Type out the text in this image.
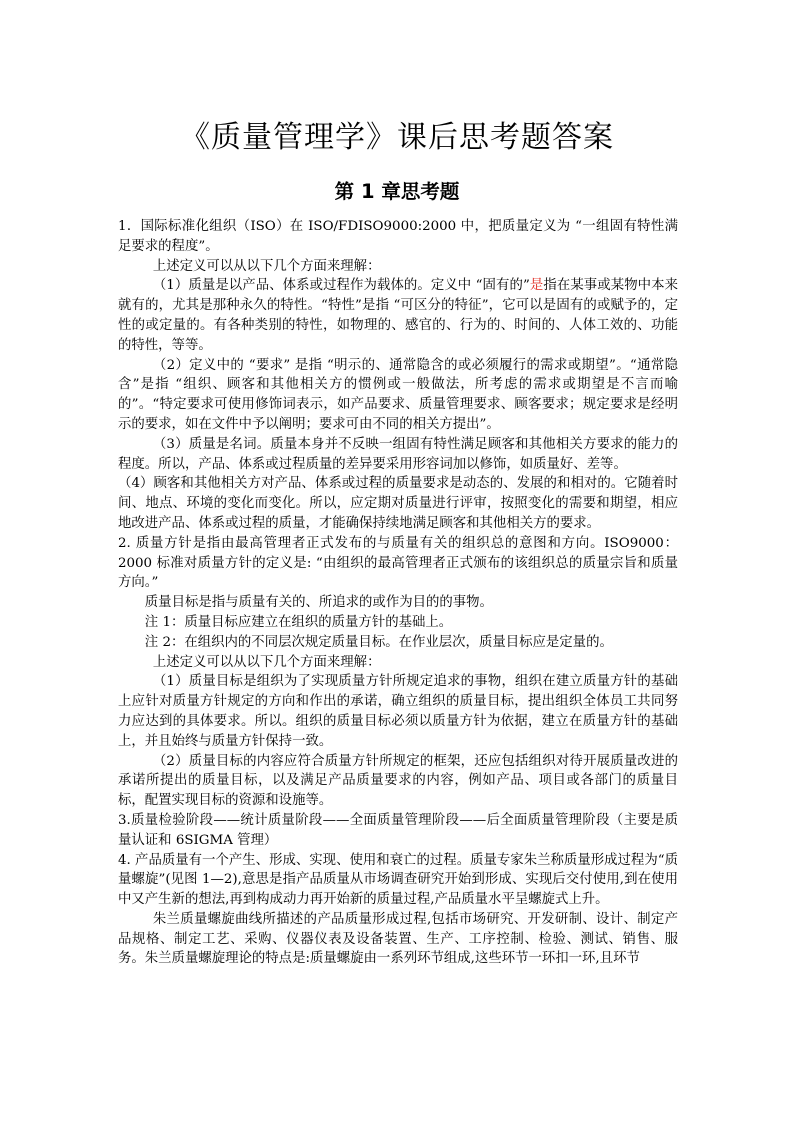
《质量管理学》课后思考题答案
第 1 章思考题

1．国际标准化组织（ISO）在 ISO/FDISO9000:2000 中，把质量定义为 “一组固有特性满足要求的程度”。

上述定义可以从以下几个方面来理解：

（1）质量是以产品、体系或过程作为载体的。定义中 “固有的”是指在某事或某物中本来就有的，尤其是那种永久的特性。“特性”是指 “可区分的特征”，它可以是固有的或赋予的，定性的或定量的。有各种类别的特性，如物理的、感官的、行为的、时间的、人体工效的、功能的特性，等等。

（2）定义中的 “要求” 是指 “明示的、通常隐含的或必须履行的需求或期望”。“通常隐含”是指 “组织、顾客和其他相关方的惯例或一般做法，所考虑的需求或期望是不言而喻的”。“特定要求可使用修饰词表示，如产品要求、质量管理要求、顾客要求；规定要求是经明示的要求，如在文件中予以阐明；要求可由不同的相关方提出”。

（3）质量是名词。质量本身并不反映一组固有特性满足顾客和其他相关方要求的能力的程度。所以，产品、体系或过程质量的差异要采用形容词加以修饰，如质量好、差等。

（4）顾客和其他相关方对产品、体系或过程的质量要求是动态的、发展的和相对的。它随着时间、地点、环境的变化而变化。所以，应定期对质量进行评审，按照变化的需要和期望，相应地改进产品、体系或过程的质量，才能确保持续地满足顾客和其他相关方的要求。

2. 质量方针是指由最高管理者正式发布的与质量有关的组织总的意图和方向。ISO9000：2000 标准对质量方针的定义是: “由组织的最高管理者正式颁布的该组织总的质量宗旨和质量方向。”

质量目标是指与质量有关的、所追求的或作为目的的事物。

注 1：质量目标应建立在组织的质量方针的基础上。

注 2：在组织内的不同层次规定质量目标。在作业层次，质量目标应是定量的。

上述定义可以从以下几个方面来理解：

（1）质量目标是组织为了实现质量方针所规定追求的事物，组织在建立质量方针的基础上应针对质量方针规定的方向和作出的承诺，确立组织的质量目标，提出组织全体员工共同努力应达到的具体要求。所以。组织的质量目标必须以质量方针为依据，建立在质量方针的基础上，并且始终与质量方针保持一致。

（2）质量目标的内容应符合质量方针所规定的框架，还应包括组织对待开展质量改进的承诺所提出的质量目标，以及满足产品质量要求的内容，例如产品、项目或各部门的质量目标，配置实现目标的资源和设施等。

3.质量检验阶段——统计质量阶段——全面质量管理阶段——后全面质量管理阶段（主要是质量认证和 6SIGMA 管理）

4. 产品质量有一个产生、形成、实现、使用和衰亡的过程。质量专家朱兰称质量形成过程为“质量螺旋”(见图 1—2),意思是指产品质量从市场调查研究开始到形成、实现后交付使用,到在使用中又产生新的想法,再到构成动力再开始新的质量过程,产品质量水平呈螺旋式上升。

朱兰质量螺旋曲线所描述的产品质量形成过程,包括市场研究、开发研制、设计、制定产品规格、制定工艺、采购、仪器仪表及设备装置、生产、工序控制、检验、测试、销售、服务。朱兰质量螺旋理论的特点是:质量螺旋由一系列环节组成,这些环节一环扣一环,且环节
